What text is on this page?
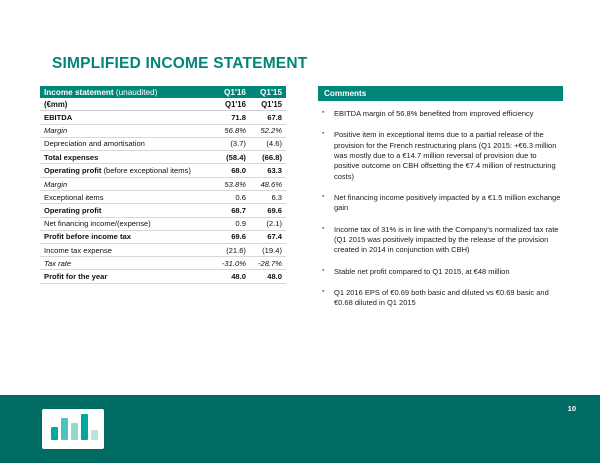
SIMPLIFIED INCOME STATEMENT
Income statement (unaudited)	Q1'16	Q1'15
(€mm)	Q1'16	Q1'15
EBITDA	71.8	67.8
Margin	56.8%	52.2%
Depreciation and amortisation	(3.7)	(4.6)
Total expenses	(58.4)	(66.8)
Operating profit (before exceptional items)	68.0	63.3
Margin	53.8%	48.6%
Exceptional items	0.6	6.3
Operating profit	68.7	69.6
Net financing income/(expense)	0.9	(2.1)
Profit before income tax	69.6	67.4
Income tax expense	(21.6)	(19.4)
Tax rate	-31.0%	-28.7%
Profit for the year	48.0	48.0
Comments
▪ EBITDA margin of 56.8% benefited from improved efficiency
▪ Positive item in exceptional items due to a partial release of the provision for the French restructuring plans (Q1 2015: +€6.3 million was mostly due to a €14.7 million reversal of provision due to positive outcome on CBH offsetting the €7.4 million of restructuring costs)
▪ Net financing income positively impacted by a €1.5 million exchange gain
▪ Income tax of 31% is in line with the Company's normalized tax rate (Q1 2015 was positively impacted by the release of the provision created in 2014 in conjunction with CBH)
▪ Stable net profit compared to Q1 2015, at €48 million
▪ Q1 2016 EPS of €0.69 both basic and diluted vs €0.69 basic and €0.68 diluted in Q1 2015
10
